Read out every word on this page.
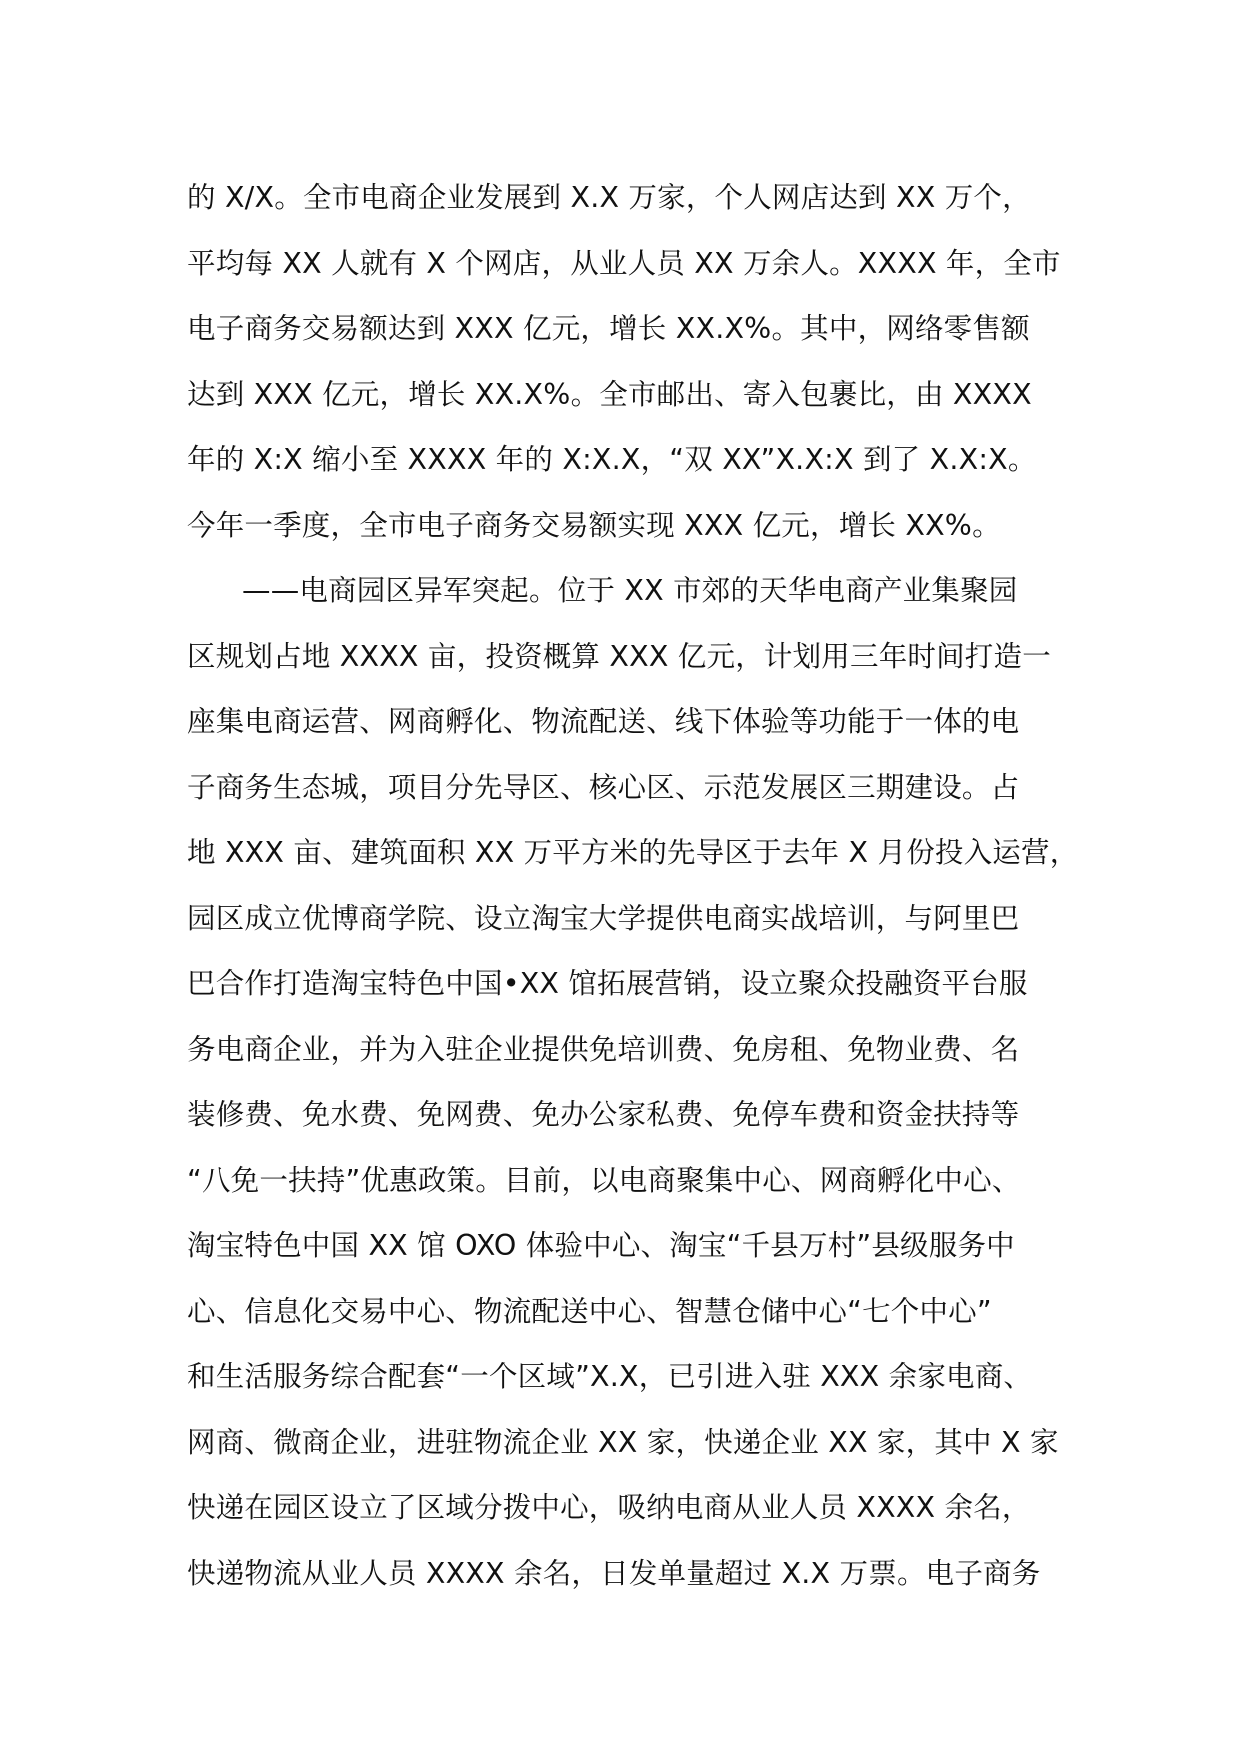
的 X/X。全市电商企业发展到 X.X 万家，个人网店达到 XX 万个，
平均每 XX 人就有 X 个网店，从业人员 XX 万余人。XXXX 年，全市
电子商务交易额达到 XXX 亿元，增长 XX.X%。其中，网络零售额
达到 XXX 亿元，增长 XX.X%。全市邮出、寄入包裹比，由 XXXX
年的 X:X 缩小至 XXXX 年的 X:X.X，“双 XX”X.X:X 到了 X.X:X。
今年一季度，全市电子商务交易额实现 XXX 亿元，增长 XX%。
——电商园区异军突起。位于 XX 市郊的天华电商产业集聚园
区规划占地 XXXX 亩，投资概算 XXX 亿元，计划用三年时间打造一
座集电商运营、网商孵化、物流配送、线下体验等功能于一体的电
子商务生态城，项目分先导区、核心区、示范发展区三期建设。占
地 XXX 亩、建筑面积 XX 万平方米的先导区于去年 X 月份投入运营，
园区成立优博商学院、设立淘宝大学提供电商实战培训，与阿里巴
巴合作打造淘宝特色中国•XX 馆拓展营销，设立聚众投融资平台服
务电商企业，并为入驻企业提供免培训费、免房租、免物业费、名
装修费、免水费、免网费、免办公家私费、免停车费和资金扶持等
“八免一扶持”优惠政策。目前，以电商聚集中心、网商孵化中心、
淘宝特色中国 XX 馆 OXO 体验中心、淘宝“千县万村”县级服务中
心、信息化交易中心、物流配送中心、智慧仓储中心“七个中心”
和生活服务综合配套“一个区域”X.X，已引进入驻 XXX 余家电商、
网商、微商企业，进驻物流企业 XX 家，快递企业 XX 家，其中 X 家
快递在园区设立了区域分拨中心，吸纳电商从业人员 XXXX 余名，
快递物流从业人员 XXXX 余名，日发单量超过 X.X 万票。电子商务
